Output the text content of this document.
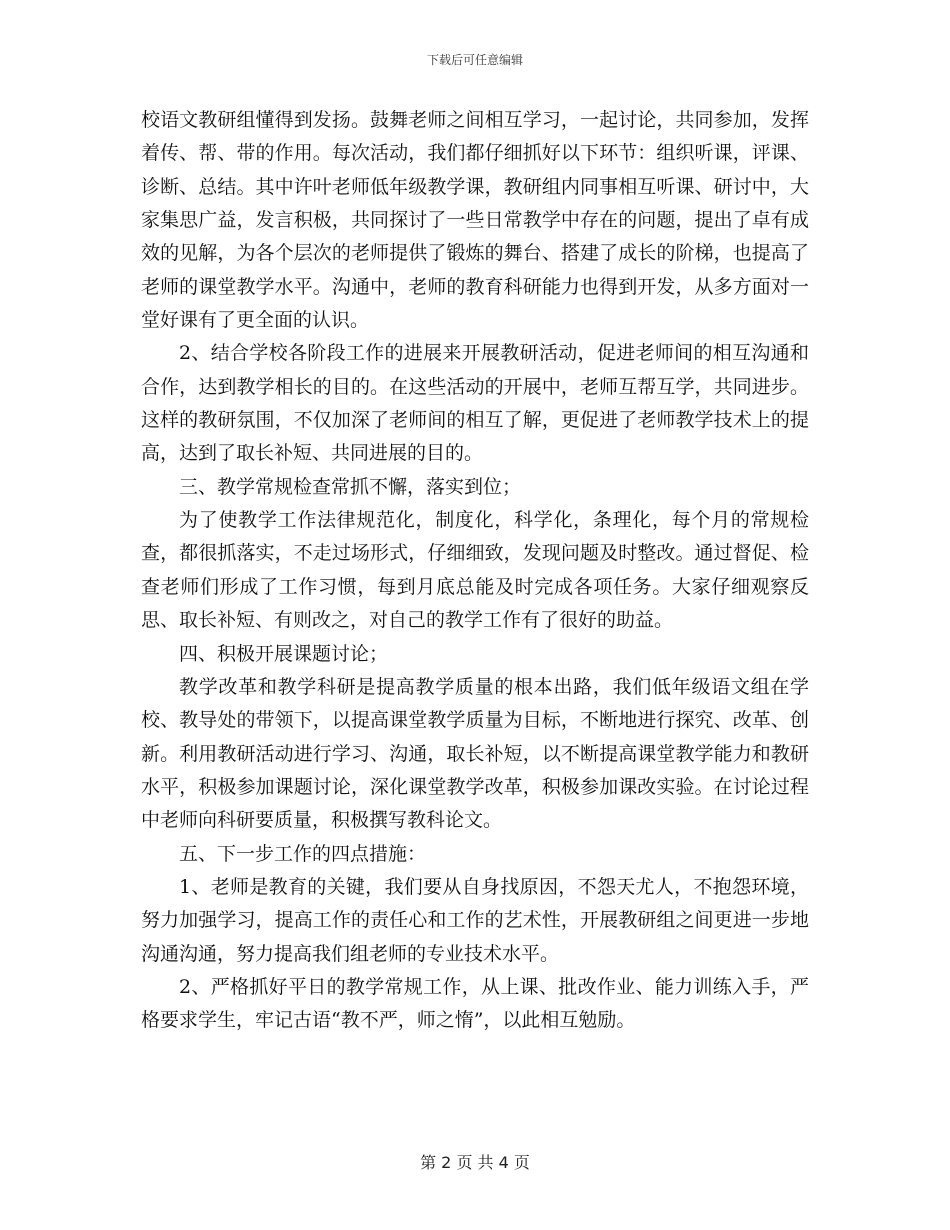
下载后可任意编辑

校语文教研组懂得到发扬。鼓舞老师之间相互学习，一起讨论，共同参加，发挥着传、帮、带的作用。每次活动，我们都仔细抓好以下环节：组织听课，评课、诊断、总结。其中许叶老师低年级教学课，教研组内同事相互听课、研讨中，大家集思广益，发言积极，共同探讨了一些日常教学中存在的问题，提出了卓有成效的见解，为各个层次的老师提供了锻炼的舞台、搭建了成长的阶梯，也提高了老师的课堂教学水平。沟通中，老师的教育科研能力也得到开发，从多方面对一堂好课有了更全面的认识。

2、结合学校各阶段工作的进展来开展教研活动，促进老师间的相互沟通和合作，达到教学相长的目的。在这些活动的开展中，老师互帮互学，共同进步。这样的教研氛围，不仅加深了老师间的相互了解，更促进了老师教学技术上的提高，达到了取长补短、共同进展的目的。

三、教学常规检查常抓不懈，落实到位；

为了使教学工作法律规范化，制度化，科学化，条理化，每个月的常规检查，都很抓落实，不走过场形式，仔细细致，发现问题及时整改。通过督促、检查老师们形成了工作习惯，每到月底总能及时完成各项任务。大家仔细观察反思、取长补短、有则改之，对自己的教学工作有了很好的助益。

四、积极开展课题讨论；

教学改革和教学科研是提高教学质量的根本出路，我们低年级语文组在学校、教导处的带领下，以提高课堂教学质量为目标，不断地进行探究、改革、创新。利用教研活动进行学习、沟通，取长补短，以不断提高课堂教学能力和教研水平，积极参加课题讨论，深化课堂教学改革，积极参加课改实验。在讨论过程中老师向科研要质量，积极撰写教科论文。

五、下一步工作的四点措施：

1、老师是教育的关键，我们要从自身找原因，不怨天尤人，不抱怨环境，努力加强学习，提高工作的责任心和工作的艺术性，开展教研组之间更进一步地沟通沟通，努力提高我们组老师的专业技术水平。

2、严格抓好平日的教学常规工作，从上课、批改作业、能力训练入手，严格要求学生，牢记古语“教不严，师之惰”，以此相互勉励。

第 2 页 共 4 页
